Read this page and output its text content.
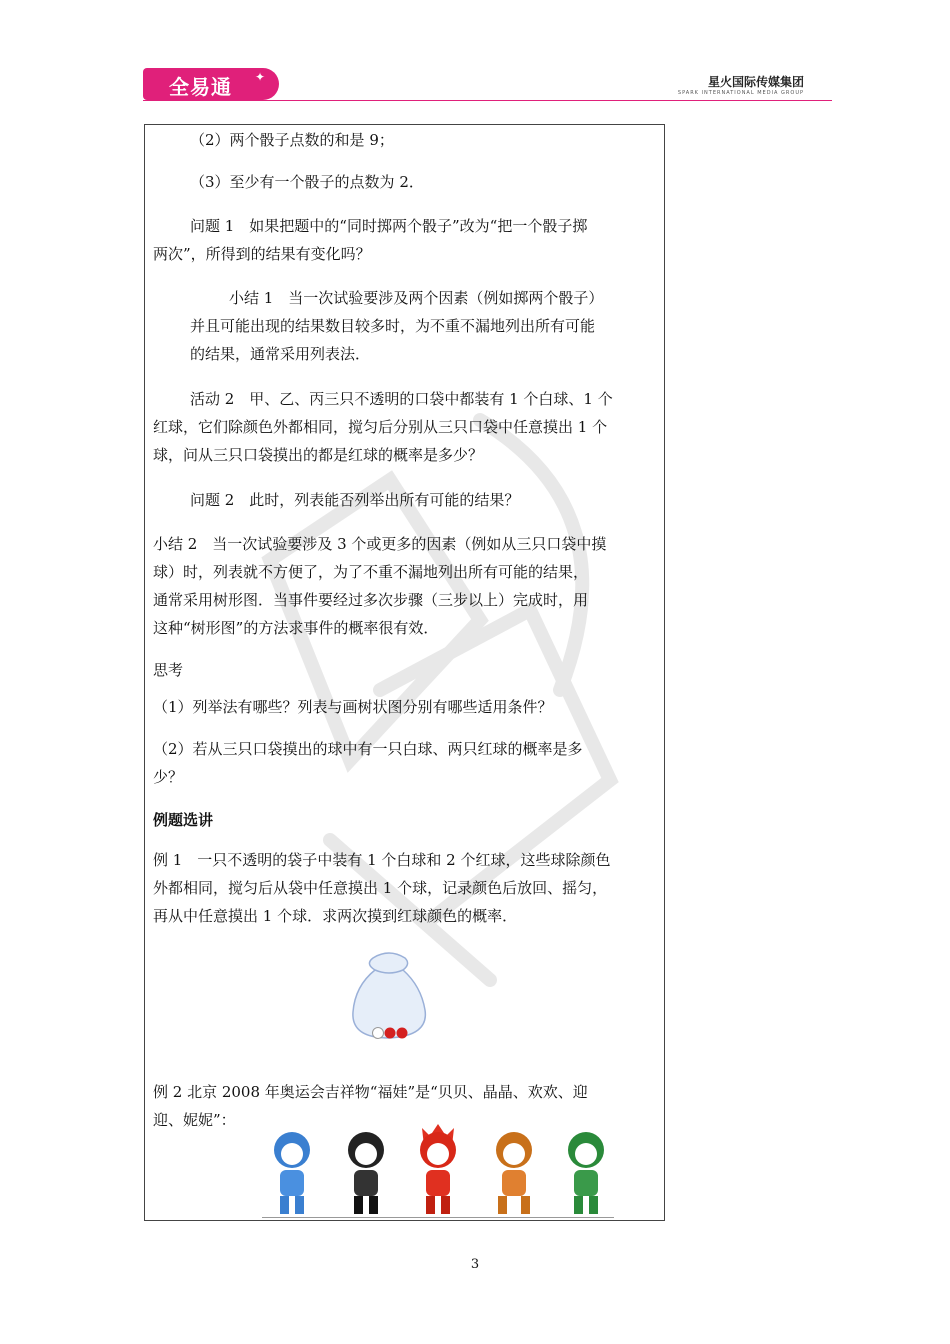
全易通 ✦	星火国际传媒集团
SPARK INTERNATIONAL MEDIA GROUP
（2）两个骰子点数的和是 9；
（3）至少有一个骰子的点数为 2．
问题 1　如果把题中的“同时掷两个骰子”改为“把一个骰子掷
两次”，所得到的结果有变化吗？
小结 1　当一次试验要涉及两个因素（例如掷两个骰子）
并且可能出现的结果数目较多时，为不重不漏地列出所有可能
的结果，通常采用列表法．
活动 2　甲、乙、丙三只不透明的口袋中都装有 1 个白球、1 个
红球，它们除颜色外都相同，搅匀后分别从三只口袋中任意摸出 1 个
球，问从三只口袋摸出的都是红球的概率是多少？
问题 2　此时，列表能否列举出所有可能的结果？
小结 2　当一次试验要涉及 3 个或更多的因素（例如从三只口袋中摸
球）时，列表就不方便了，为了不重不漏地列出所有可能的结果，
通常采用树形图．当事件要经过多次步骤（三步以上）完成时，用
这种“树形图”的方法求事件的概率很有效．
思考
（1）列举法有哪些？列表与画树状图分别有哪些适用条件？
（2）若从三只口袋摸出的球中有一只白球、两只红球的概率是多
少？
例题选讲
例 1　一只不透明的袋子中装有 1 个白球和 2 个红球，这些球除颜色
外都相同，搅匀后从袋中任意摸出 1 个球，记录颜色后放回、摇匀，
再从中任意摸出 1 个球．求两次摸到红球颜色的概率．
例 2 北京 2008 年奥运会吉祥物“福娃”是“贝贝、晶晶、欢欢、迎
迎、妮妮”：
3
